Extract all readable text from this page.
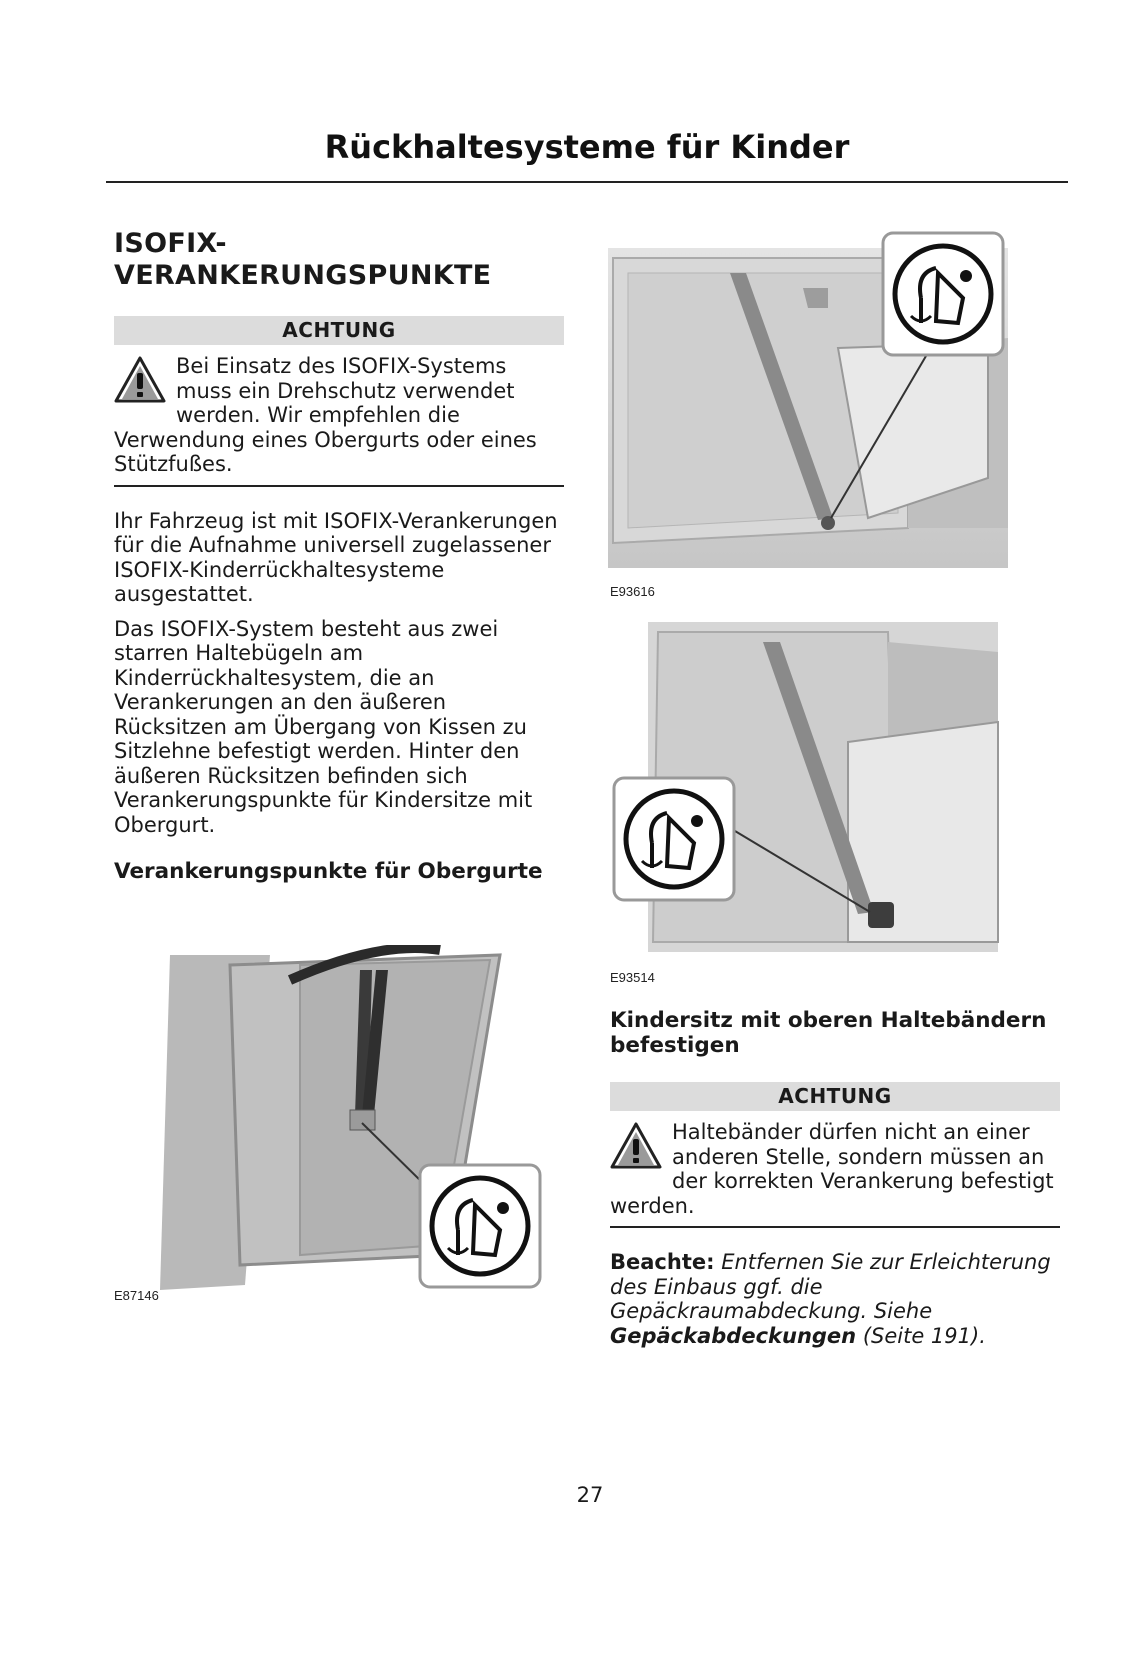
Rückhaltesysteme für Kinder
ISOFIX-
VERANKERUNGSPUNKTE
ACHTUNG
Bei Einsatz des ISOFIX-Systems muss ein Drehschutz verwendet werden. Wir empfehlen die Verwendung eines Obergurts oder eines Stützfußes.

Ihr Fahrzeug ist mit ISOFIX-Verankerungen für die Aufnahme universell zugelassener ISOFIX-Kinderrückhaltesysteme ausgestattet.

Das ISOFIX-System besteht aus zwei starren Haltebügeln am Kinderrückhaltesystem, die an Verankerungen an den äußeren Rücksitzen am Übergang von Kissen zu Sitzlehne befestigt werden. Hinter den äußeren Rücksitzen befinden sich Verankerungspunkte für Kindersitze mit Obergurt.

Verankerungspunkte für Obergurte
E93616
E93514
E87146
Kindersitz mit oberen Haltebändern befestigen
ACHTUNG
Haltebänder dürfen nicht an einer anderen Stelle, sondern müssen an der korrekten Verankerung befestigt werden.
Beachte: Entfernen Sie zur Erleichterung des Einbaus ggf. die Gepäckraumabdeckung. Siehe Gepäckabdeckungen (Seite 191).
27
